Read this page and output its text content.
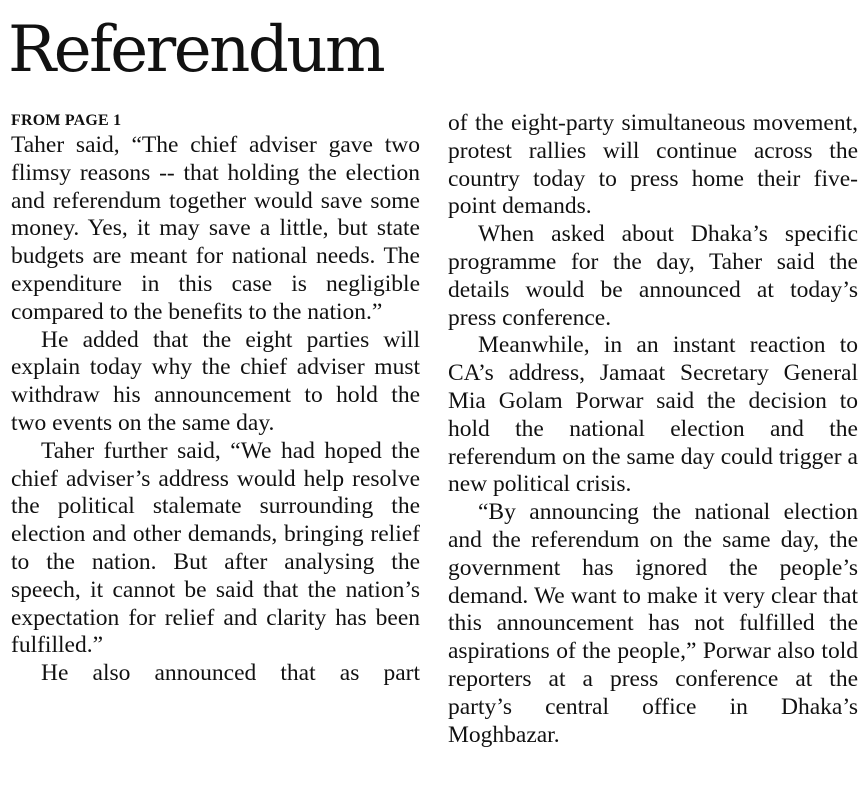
Referendum
FROM PAGE 1

Taher said, “The chief adviser gave two flimsy reasons -- that holding the election and referendum together would save some money. Yes, it may save a little, but state budgets are meant for national needs. The expenditure in this case is negligible compared to the benefits to the nation.”

He added that the eight parties will explain today why the chief adviser must withdraw his announcement to hold the two events on the same day.

Taher further said, “We had hoped the chief adviser’s address would help resolve the political stalemate surrounding the election and other demands, bringing relief to the nation. But after analysing the speech, it cannot be said that the nation’s expectation for relief and clarity has been fulfilled.”

He also announced that as part

of the eight-party simultaneous movement, protest rallies will continue across the country today to press home their five-point demands.

When asked about Dhaka’s specific programme for the day, Taher said the details would be announced at today’s press conference.

Meanwhile, in an instant reaction to CA’s address, Jamaat Secretary General Mia Golam Porwar said the decision to hold the national election and the referendum on the same day could trigger a new political crisis.

“By announcing the national election and the referendum on the same day, the government has ignored the people’s demand. We want to make it very clear that this announcement has not fulfilled the aspirations of the people,” Porwar also told reporters at a press conference at the party’s central office in Dhaka’s Moghbazar.
